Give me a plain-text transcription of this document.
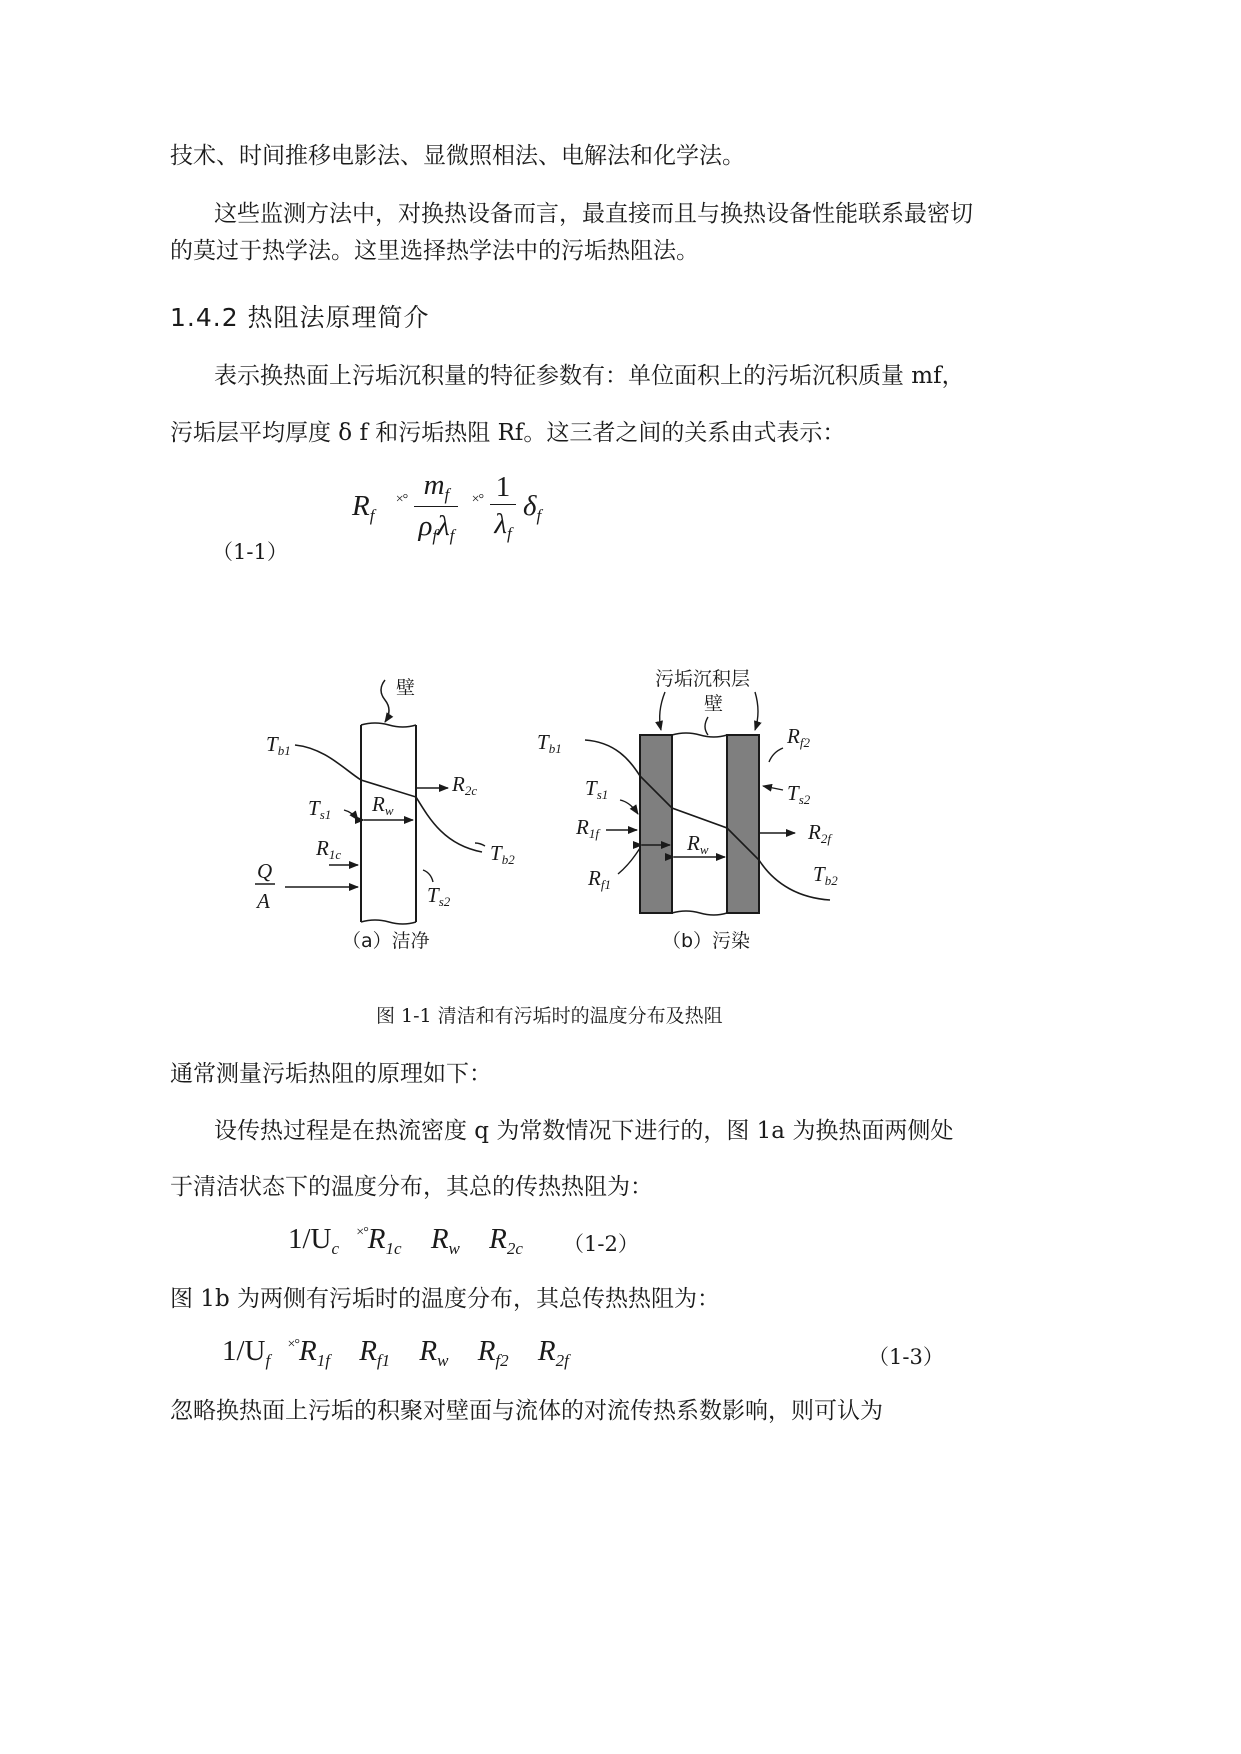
技术、时间推移电影法、显微照相法、电解法和化学法。
这些监测方法中，对换热设备而言，最直接而且与换热设备性能联系最密切
的莫过于热学法。这里选择热学法中的污垢热阻法。
1.4.2 热阻法原理简介
表示换热面上污垢沉积量的特征参数有：单位面积上的污垢沉积质量 mf，
污垢层平均厚度 δ f 和污垢热阻 Rf。这三者之间的关系由式表示：
$R_f$ $^{\times^\circ} \frac{m_f}{\rho_f\lambda_f} ^{\times^\circ} \frac{1}{\lambda_f} \delta_f$
（1-1）
壁
Tb1
R2c
Ts1 Rw
R1c	Tb2
Q
A	Ts2
（a）洁净
污垢沉积层
壁
Tb1
Rf2
Ts1	Ts2
R1f	Rw
R2f
Rf1	Tb2
（b）污染
图 1-1 清洁和有污垢时的温度分布及热阻
通常测量污垢热阻的原理如下：
设传热过程是在热流密度 q 为常数情况下进行的，图 1a 为换热面两侧处
于清洁状态下的温度分布，其总的传热热阻为：
$1/U_c$ $^{\times^\circ}R_{1c}$ $R_w$ $R_{2c}$ （1-2）
图 1b 为两侧有污垢时的温度分布，其总传热热阻为：
$1/U_f$ $^{\times^\circ}R_{1f}$ $R_{f1}$ $R_w$ $R_{f2}$ $R_{2f}$	（1-3）
忽略换热面上污垢的积聚对壁面与流体的对流传热系数影响，则可认为
